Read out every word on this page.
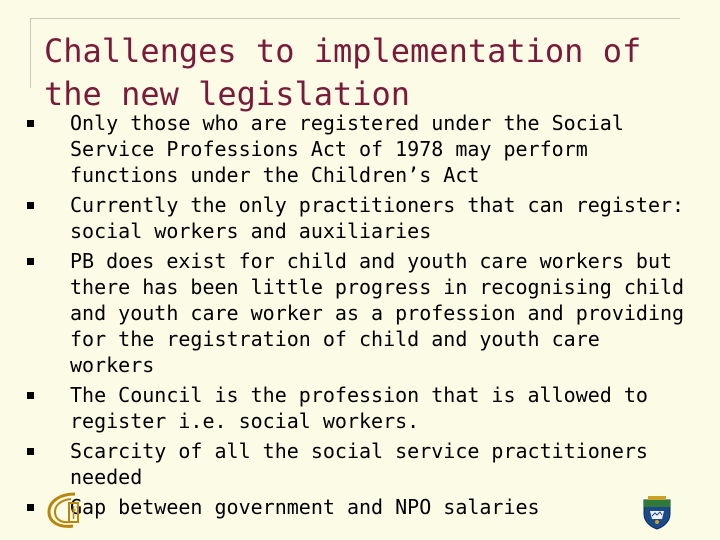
Challenges to implementation of the new legislation
Only those who are registered under the Social Service Professions Act of 1978 may perform functions under the Children’s Act
Currently the only practitioners that can register: social workers and auxiliaries
PB does exist for child and youth care workers but there has been little progress in recognising child and youth care worker as a profession and providing for the registration of child and youth care workers
The Council is the profession that is allowed to register i.e. social workers.
Scarcity of all the social service practitioners needed
Gap between government and NPO salaries
